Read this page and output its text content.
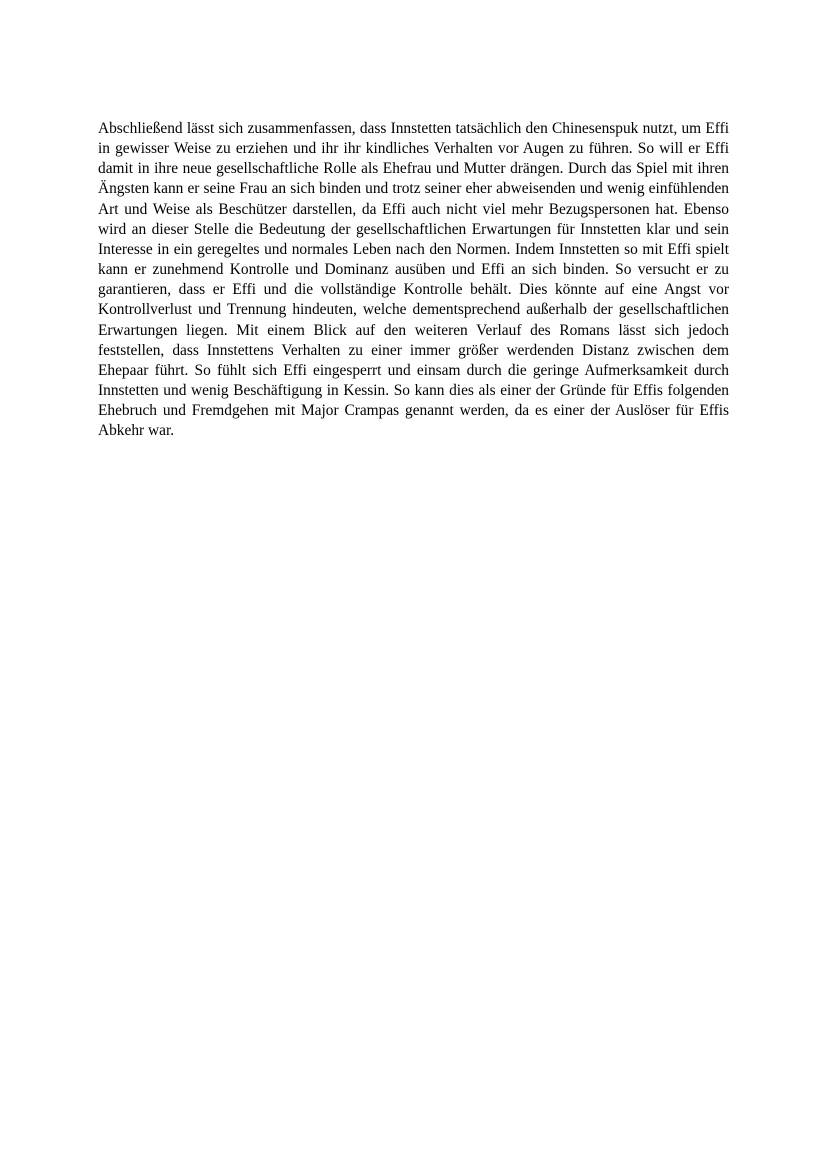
Abschließend lässt sich zusammenfassen, dass Innstetten tatsächlich den Chinesenspuk nutzt, um Effi in gewisser Weise zu erziehen und ihr ihr kindliches Verhalten vor Augen zu führen. So will er Effi damit in ihre neue gesellschaftliche Rolle als Ehefrau und Mutter drängen. Durch das Spiel mit ihren Ängsten kann er seine Frau an sich binden und trotz seiner eher abweisenden und wenig einfühlenden Art und Weise als Beschützer darstellen, da Effi auch nicht viel mehr Bezugspersonen hat. Ebenso wird an dieser Stelle die Bedeutung der gesellschaftlichen Erwartungen für Innstetten klar und sein Interesse in ein geregeltes und normales Leben nach den Normen. Indem Innstetten so mit Effi spielt kann er zunehmend Kontrolle und Dominanz ausüben und Effi an sich binden. So versucht er zu garantieren, dass er Effi und die vollständige Kontrolle behält. Dies könnte auf eine Angst vor Kontrollverlust und Trennung hindeuten, welche dementsprechend außerhalb der gesellschaftlichen Erwartungen liegen. Mit einem Blick auf den weiteren Verlauf des Romans lässt sich jedoch feststellen, dass Innstettens Verhalten zu einer immer größer werdenden Distanz zwischen dem Ehepaar führt. So fühlt sich Effi eingesperrt und einsam durch die geringe Aufmerksamkeit durch Innstetten und wenig Beschäftigung in Kessin. So kann dies als einer der Gründe für Effis folgenden Ehebruch und Fremdgehen mit Major Crampas genannt werden, da es einer der Auslöser für Effis Abkehr war.
